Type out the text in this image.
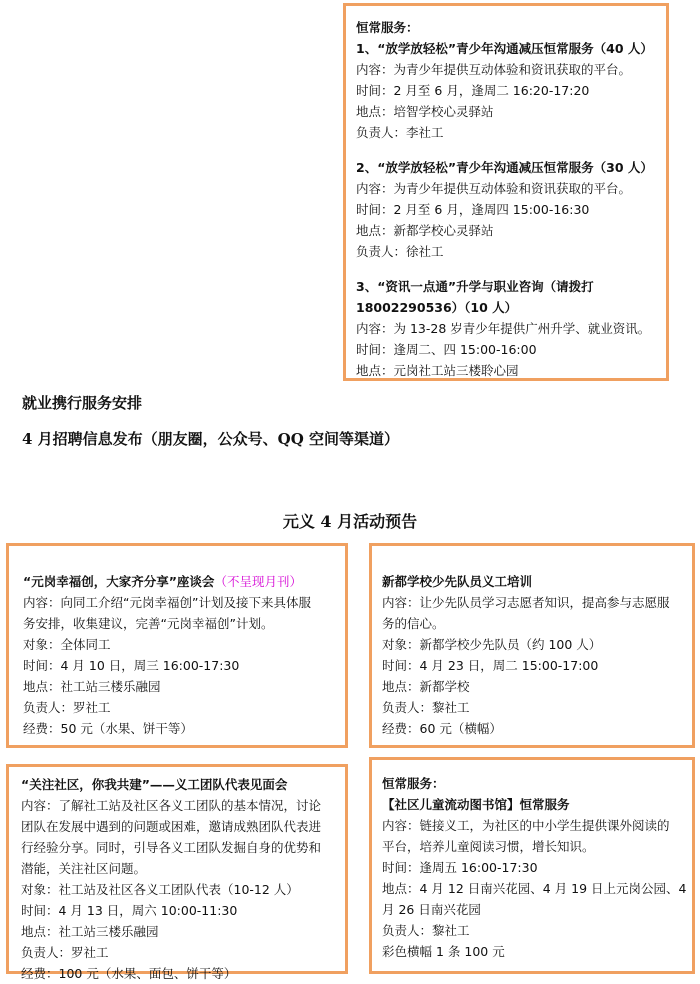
恒常服务：
1、“放学放轻松”青少年沟通减压恒常服务（40 人）
内容：为青少年提供互动体验和资讯获取的平台。
时间：2 月至 6 月，逢周二 16:20-17:20
地点：培智学校心灵驿站
负责人：李社工
2、“放学放轻松”青少年沟通减压恒常服务（30 人）
内容：为青少年提供互动体验和资讯获取的平台。
时间：2 月至 6 月，逢周四 15:00-16:30
地点：新都学校心灵驿站
负责人：徐社工
3、“资讯一点通”升学与职业咨询（请拨打
18002290536）（10 人）
内容：为 13-28 岁青少年提供广州升学、就业资讯。
时间：逢周二、四 15:00-16:00
地点：元岗社工站三楼聆心园
就业携行服务安排
4 月招聘信息发布（朋友圈，公众号、QQ 空间等渠道）
元义 4 月活动预告
“元岗幸福创，大家齐分享”座谈会（不呈现月刊）
内容：向同工介绍“元岗幸福创”计划及接下来具体服
务安排，收集建议，完善“元岗幸福创”计划。
对象：全体同工
时间：4 月 10 日，周三 16:00-17:30
地点：社工站三楼乐融园
负责人：罗社工
经费：50 元（水果、饼干等）
新都学校少先队员义工培训
内容：让少先队员学习志愿者知识，提高参与志愿服
务的信心。
对象：新都学校少先队员（约 100 人）
时间：4 月 23 日，周二 15:00-17:00
地点：新都学校
负责人：黎社工
经费：60 元（横幅）
“关注社区，你我共建”——义工团队代表见面会
内容：了解社工站及社区各义工团队的基本情况，讨论
团队在发展中遇到的问题或困难，邀请成熟团队代表进
行经验分享。同时，引导各义工团队发掘自身的优势和
潜能，关注社区问题。
对象：社工站及社区各义工团队代表（10-12 人）
时间：4 月 13 日，周六 10:00-11:30
地点：社工站三楼乐融园
负责人：罗社工
经费：100 元（水果、面包、饼干等）
恒常服务：
【社区儿童流动图书馆】恒常服务
内容：链接义工，为社区的中小学生提供课外阅读的
平台，培养儿童阅读习惯，增长知识。
时间：逢周五 16:00-17:30
地点：4 月 12 日南兴花园、4 月 19 日上元岗公园、4
月 26 日南兴花园
负责人：黎社工
彩色横幅 1 条 100 元
